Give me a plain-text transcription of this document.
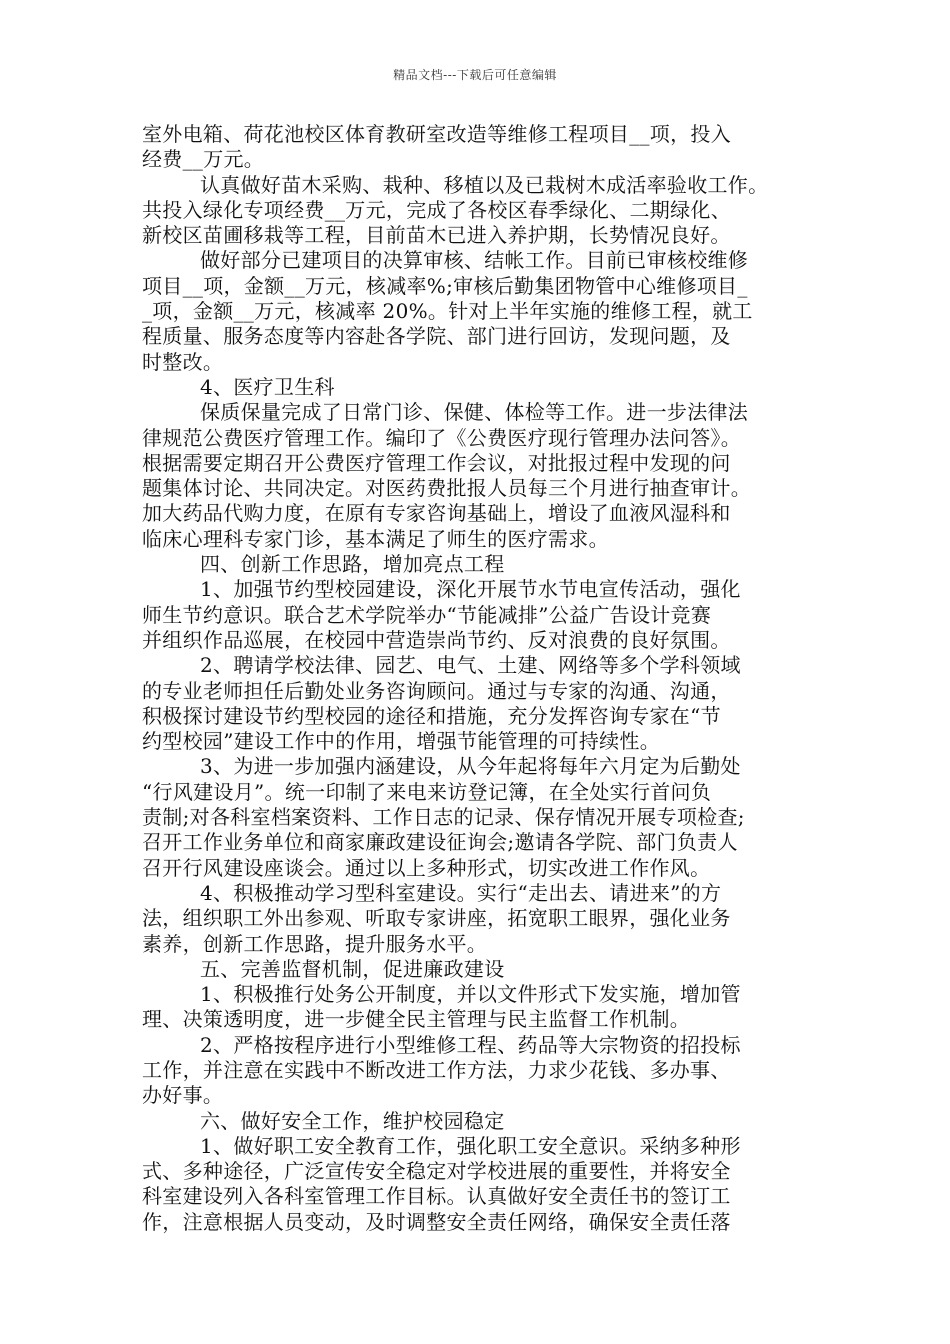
精品文档---下载后可任意编辑
室外电箱、荷花池校区体育教研室改造等维修工程项目__项，投入
经费__万元。
认真做好苗木采购、栽种、移植以及已栽树木成活率验收工作。
共投入绿化专项经费__万元，完成了各校区春季绿化、二期绿化、
新校区苗圃移栽等工程，目前苗木已进入养护期，长势情况良好。
做好部分已建项目的决算审核、结帐工作。目前已审核校维修
项目__项，金额__万元，核减率%;审核后勤集团物管中心维修项目_
_项，金额__万元，核减率 20%。针对上半年实施的维修工程，就工
程质量、服务态度等内容赴各学院、部门进行回访，发现问题，及
时整改。
4、医疗卫生科
保质保量完成了日常门诊、保健、体检等工作。进一步法律法
律规范公费医疗管理工作。编印了《公费医疗现行管理办法问答》。
根据需要定期召开公费医疗管理工作会议，对批报过程中发现的问
题集体讨论、共同决定。对医药费批报人员每三个月进行抽查审计。
加大药品代购力度，在原有专家咨询基础上，增设了血液风湿科和
临床心理科专家门诊，基本满足了师生的医疗需求。
四、创新工作思路，增加亮点工程
1、加强节约型校园建设，深化开展节水节电宣传活动，强化
师生节约意识。联合艺术学院举办“节能减排”公益广告设计竞赛
并组织作品巡展，在校园中营造崇尚节约、反对浪费的良好氛围。
2、聘请学校法律、园艺、电气、土建、网络等多个学科领域
的专业老师担任后勤处业务咨询顾问。通过与专家的沟通、沟通，
积极探讨建设节约型校园的途径和措施，充分发挥咨询专家在“节
约型校园”建设工作中的作用，增强节能管理的可持续性。
3、为进一步加强内涵建设，从今年起将每年六月定为后勤处
“行风建设月”。统一印制了来电来访登记簿，在全处实行首问负
责制;对各科室档案资料、工作日志的记录、保存情况开展专项检查;
召开工作业务单位和商家廉政建设征询会;邀请各学院、部门负责人
召开行风建设座谈会。通过以上多种形式，切实改进工作作风。
4、积极推动学习型科室建设。实行“走出去、请进来”的方
法，组织职工外出参观、听取专家讲座，拓宽职工眼界，强化业务
素养，创新工作思路，提升服务水平。
五、完善监督机制，促进廉政建设
1、积极推行处务公开制度，并以文件形式下发实施，增加管
理、决策透明度，进一步健全民主管理与民主监督工作机制。
2、严格按程序进行小型维修工程、药品等大宗物资的招投标
工作，并注意在实践中不断改进工作方法，力求少花钱、多办事、
办好事。
六、做好安全工作，维护校园稳定
1、做好职工安全教育工作，强化职工安全意识。采纳多种形
式、多种途径，广泛宣传安全稳定对学校进展的重要性，并将安全
科室建设列入各科室管理工作目标。认真做好安全责任书的签订工
作，注意根据人员变动，及时调整安全责任网络，确保安全责任落
